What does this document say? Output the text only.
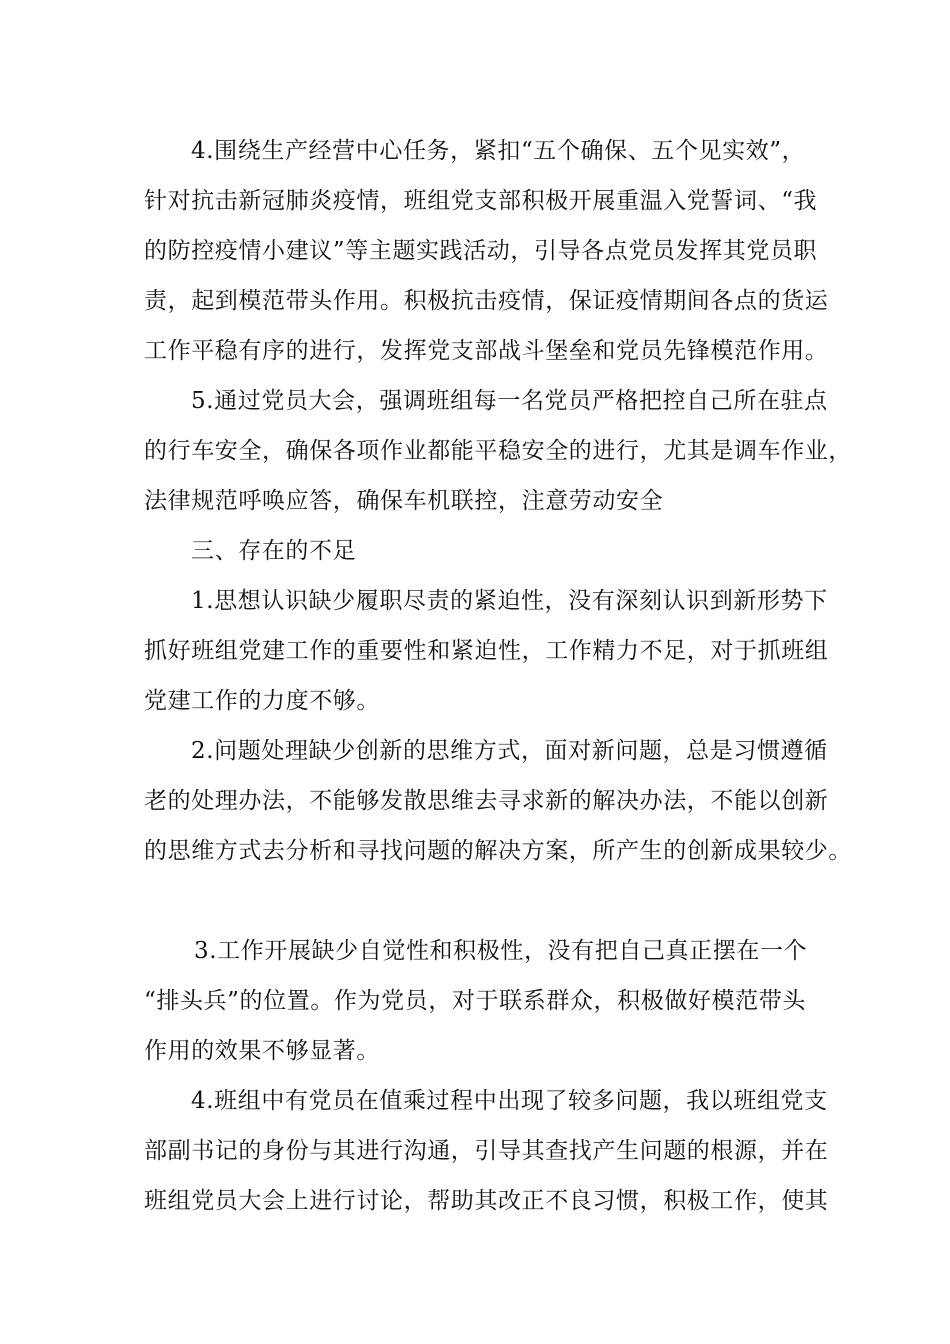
4.围绕生产经营中心任务，紧扣“五个确保、五个见实效”，
针对抗击新冠肺炎疫情，班组党支部积极开展重温入党誓词、“我
的防控疫情小建议”等主题实践活动，引导各点党员发挥其党员职
责，起到模范带头作用。积极抗击疫情，保证疫情期间各点的货运
工作平稳有序的进行，发挥党支部战斗堡垒和党员先锋模范作用。
5.通过党员大会，强调班组每一名党员严格把控自己所在驻点
的行车安全，确保各项作业都能平稳安全的进行，尤其是调车作业，
法律规范呼唤应答，确保车机联控，注意劳动安全
三、存在的不足
1.思想认识缺少履职尽责的紧迫性，没有深刻认识到新形势下
抓好班组党建工作的重要性和紧迫性，工作精力不足，对于抓班组
党建工作的力度不够。
2.问题处理缺少创新的思维方式，面对新问题，总是习惯遵循
老的处理办法，不能够发散思维去寻求新的解决办法，不能以创新
的思维方式去分析和寻找问题的解决方案，所产生的创新成果较少。
3.工作开展缺少自觉性和积极性，没有把自己真正摆在一个
“排头兵”的位置。作为党员，对于联系群众，积极做好模范带头
作用的效果不够显著。
4.班组中有党员在值乘过程中出现了较多问题，我以班组党支
部副书记的身份与其进行沟通，引导其查找产生问题的根源，并在
班组党员大会上进行讨论，帮助其改正不良习惯，积极工作，使其
